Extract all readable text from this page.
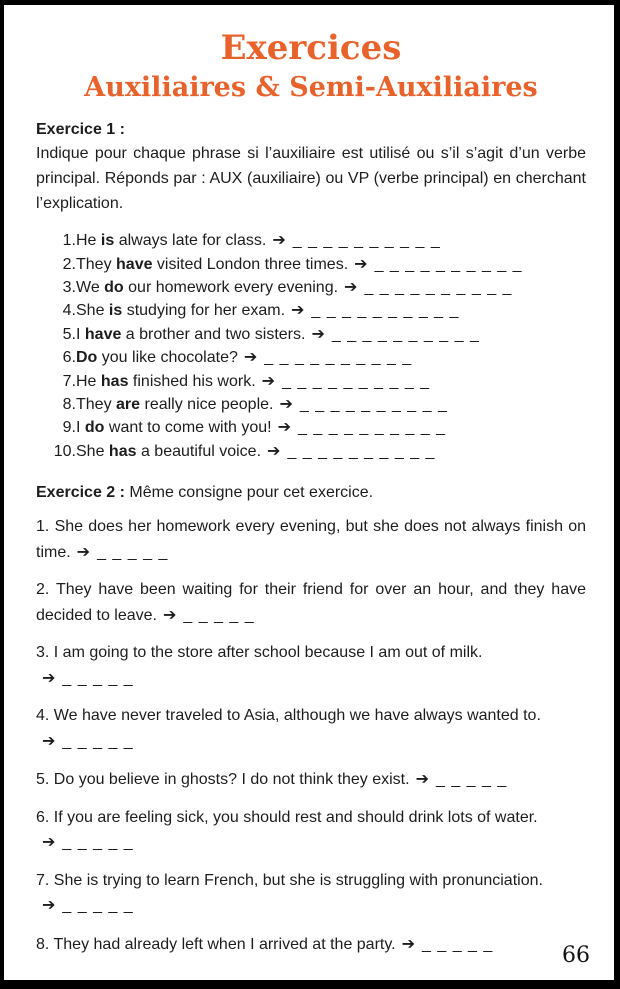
Exercices
Auxiliaires & Semi-Auxiliaires
Exercice 1 :

Indique pour chaque phrase si l’auxiliaire est utilisé ou s’il s’agit d’un verbe principal. Réponds par : AUX (auxiliaire) ou VP (verbe principal) en cherchant l’explication.

1. He is always late for class. ➔ _ _ _ _ _ _ _ _ _ _
2. They have visited London three times. ➔ _ _ _ _ _ _ _ _ _ _
3. We do our homework every evening. ➔ _ _ _ _ _ _ _ _ _ _
4. She is studying for her exam. ➔ _ _ _ _ _ _ _ _ _ _
5. I have a brother and two sisters. ➔ _ _ _ _ _ _ _ _ _ _
6. Do you like chocolate? ➔ _ _ _ _ _ _ _ _ _ _
7. He has finished his work. ➔ _ _ _ _ _ _ _ _ _ _
8. They are really nice people. ➔ _ _ _ _ _ _ _ _ _ _
9. I do want to come with you! ➔ _ _ _ _ _ _ _ _ _ _
10. She has a beautiful voice. ➔ _ _ _ _ _ _ _ _ _ _
Exercice 2 : Même consigne pour cet exercice.

1. She does her homework every evening, but she does not always finish on time. ➔ _ _ _ _ _

2. They have been waiting for their friend for over an hour, and they have decided to leave. ➔ _ _ _ _ _

3. I am going to the store after school because I am out of milk.
➔ _ _ _ _ _

4. We have never traveled to Asia, although we have always wanted to.
➔ _ _ _ _ _

5. Do you believe in ghosts? I do not think they exist. ➔ _ _ _ _ _

6. If you are feeling sick, you should rest and should drink lots of water.
➔ _ _ _ _ _

7. She is trying to learn French, but she is struggling with pronunciation.
➔ _ _ _ _ _

8. They had already left when I arrived at the party. ➔ _ _ _ _ _	66
